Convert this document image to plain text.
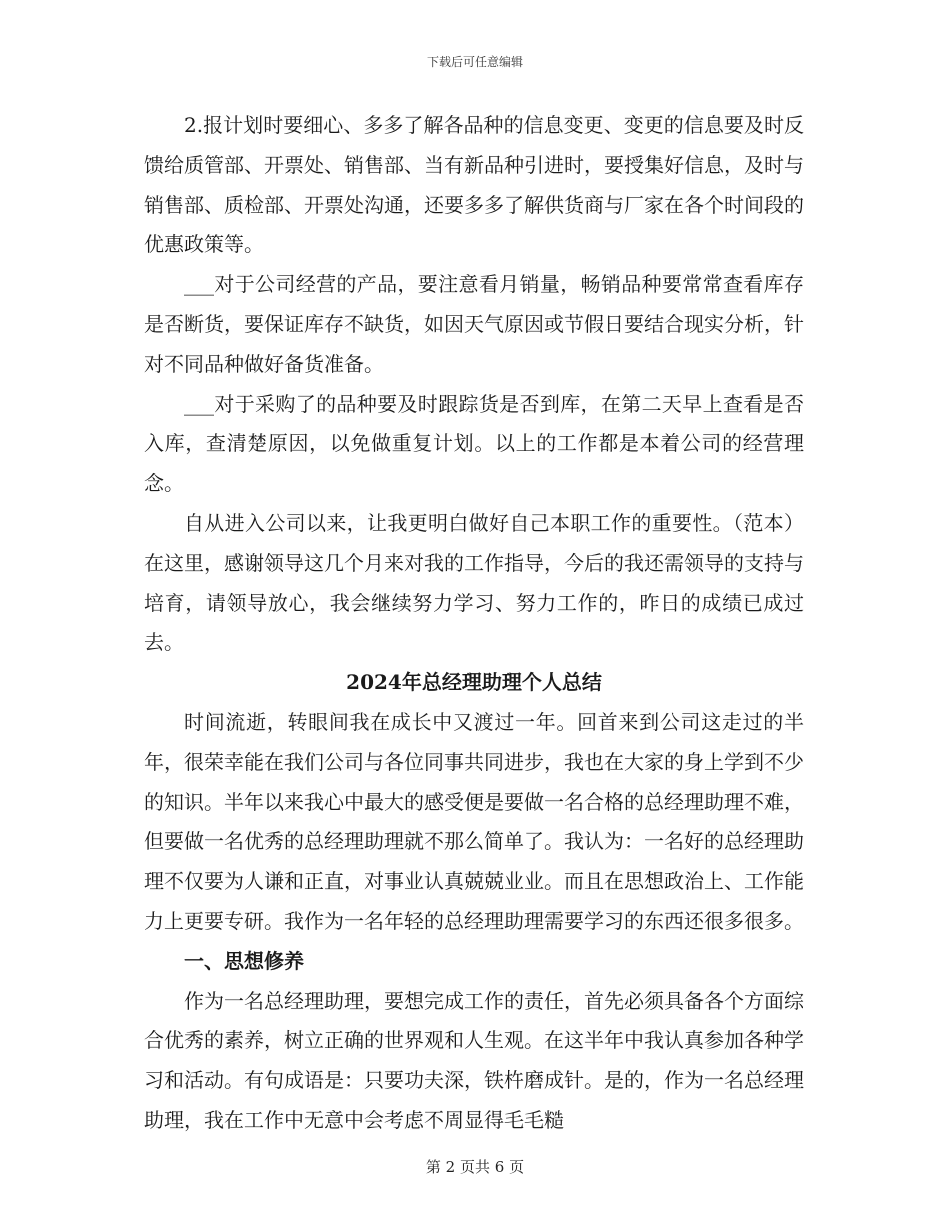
下载后可任意编辑

2.报计划时要细心、多多了解各品种的信息变更、变更的信息要及时反馈给质管部、开票处、销售部、当有新品种引进时，要授集好信息，及时与销售部、质检部、开票处沟通，还要多多了解供货商与厂家在各个时间段的优惠政策等。

___对于公司经营的产品，要注意看月销量，畅销品种要常常查看库存是否断货，要保证库存不缺货，如因天气原因或节假日要结合现实分析，针对不同品种做好备货准备。

___对于采购了的品种要及时跟踪货是否到库，在第二天早上查看是否入库，查清楚原因，以免做重复计划。以上的工作都是本着公司的经营理念。

自从进入公司以来，让我更明白做好自己本职工作的重要性。（范本）在这里，感谢领导这几个月来对我的工作指导，今后的我还需领导的支持与培育，请领导放心，我会继续努力学习、努力工作的，昨日的成绩已成过去。

2024年总经理助理个人总结

时间流逝，转眼间我在成长中又渡过一年。回首来到公司这走过的半年，很荣幸能在我们公司与各位同事共同进步，我也在大家的身上学到不少的知识。半年以来我心中最大的感受便是要做一名合格的总经理助理不难，但要做一名优秀的总经理助理就不那么简单了。我认为：一名好的总经理助理不仅要为人谦和正直，对事业认真兢兢业业。而且在思想政治上、工作能力上更要专研。我作为一名年轻的总经理助理需要学习的东西还很多很多。

一、思想修养

作为一名总经理助理，要想完成工作的责任，首先必须具备各个方面综合优秀的素养，树立正确的世界观和人生观。在这半年中我认真参加各种学习和活动。有句成语是：只要功夫深，铁杵磨成针。是的，作为一名总经理助理，我在工作中无意中会考虑不周显得毛毛糙

第 2 页共 6 页
